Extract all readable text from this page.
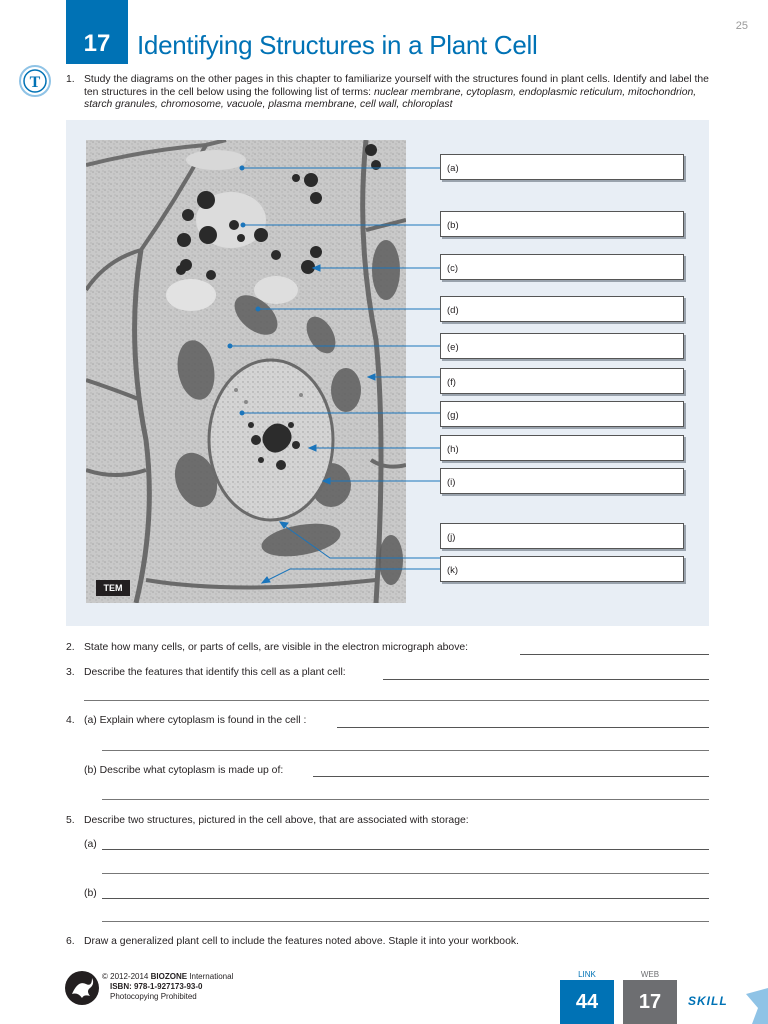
17 Identifying Structures in a Plant Cell
25
T 1. Study the diagrams on the other pages in this chapter to familiarize yourself with the structures found in plant cells. Identify and label the ten structures in the cell below using the following list of terms: nuclear membrane, cytoplasm, endoplasmic reticulum, mitochondrion, starch granules, chromosome, vacuole, plasma membrane, cell wall, chloroplast
TEM
(a)
(b)
(c)
(d)
(e)
(f)
(g)
(h)
(i)
(j)
(k)
2. State how many cells, or parts of cells, are visible in the electron micrograph above:
3. Describe the features that identify this cell as a plant cell:
4. (a) Explain where cytoplasm is found in the cell :
(b) Describe what cytoplasm is made up of:
5. Describe two structures, pictured in the cell above, that are associated with storage:
(a)
(b)
6. Draw a generalized plant cell to include the features noted above. Staple it into your workbook.
© 2012-2014 BIOZONE International
ISBN: 978-1-927173-93-0
Photocopying Prohibited
LINK
44
WEB
17	SKILL
